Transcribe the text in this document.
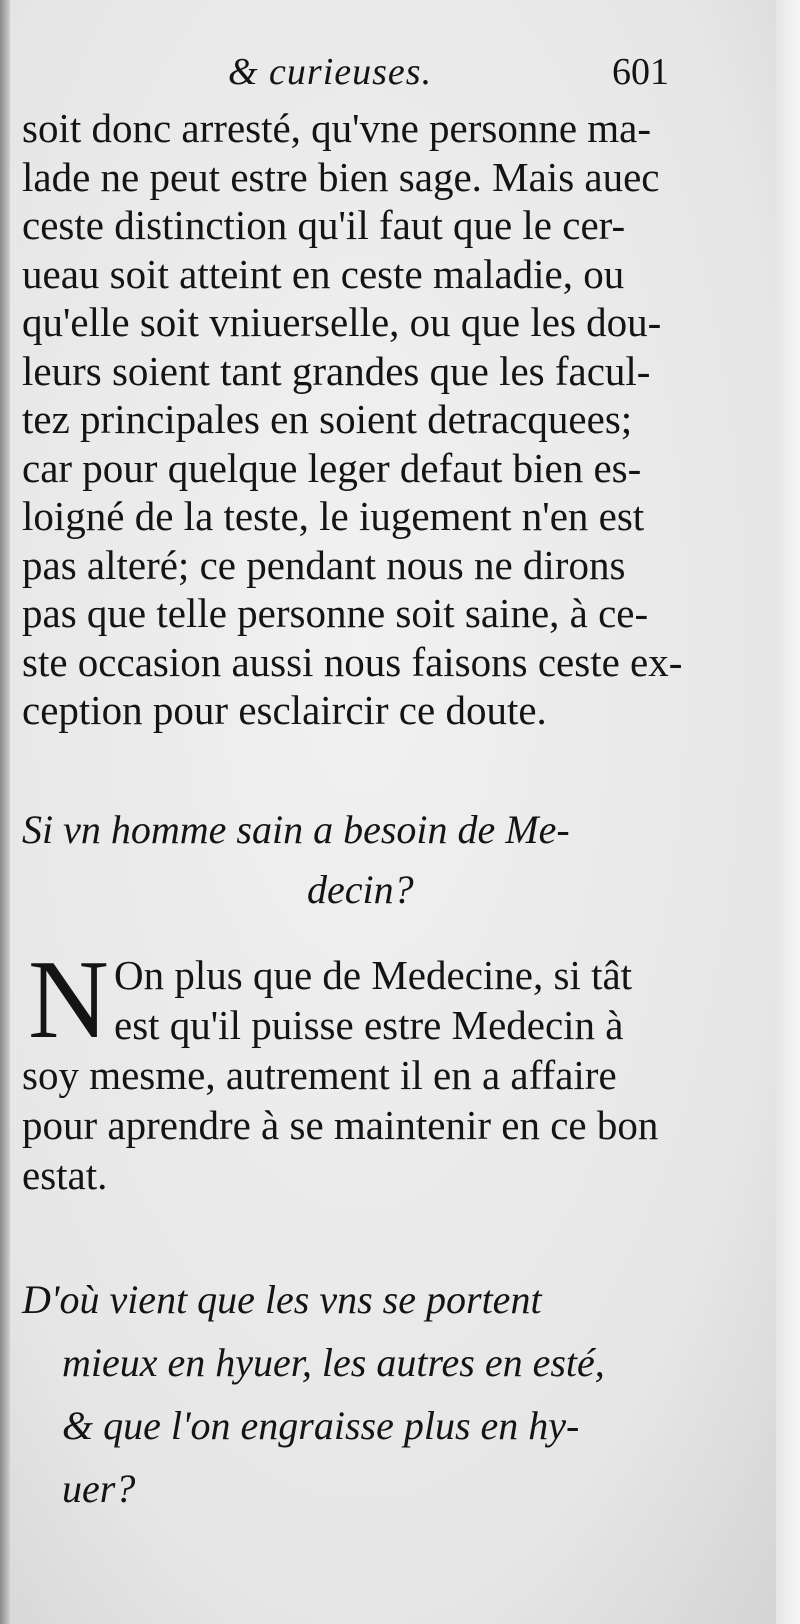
& curieuses.	601
soit donc arresté, qu'vne personne ma-
lade ne peut estre bien sage. Mais auec
ceste distinction qu'il faut que le cer-
ueau soit atteint en ceste maladie, ou
qu'elle soit vniuerselle, ou que les dou-
leurs soient tant grandes que les facul-
tez principales en soient detracquees;
car pour quelque leger defaut bien es-
loigné de la teste, le iugement n'en est
pas alteré; ce pendant nous ne dirons
pas que telle personne soit saine, à ce-
ste occasion aussi nous faisons ceste ex-
ception pour esclaircir ce doute.
Si vn homme sain a besoin de Me-
decin?
N On plus que de Medecine, si tât
est qu'il puisse estre Medecin à
soy mesme, autrement il en a affaire
pour aprendre à se maintenir en ce bon
estat.
D'où vient que les vns se portent
mieux en hyuer, les autres en esté,
& que l'on engraisse plus en hy-
uer?
